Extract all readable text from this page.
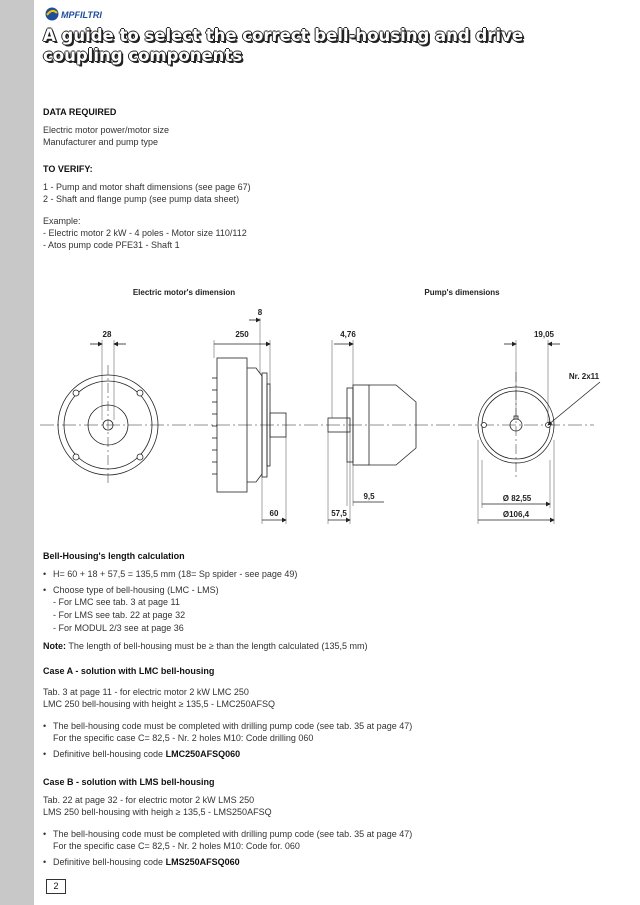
MPFILTRI
A guide to select the correct bell-housing and drive
coupling components

DATA REQUIRED

Electric motor power/motor size

Manufacturer and pump type

TO VERIFY:

1 - Pump and motor shaft dimensions (see page 67)

2 - Shaft and flange pump (see pump data sheet)

Example:

- Electric motor 2 kW - 4 poles - Motor size 110/112

- Atos pump code PFE31 - Shaft 1

Electric motor's dimension	Pump's dimensions
28	250
8
60
4,76
57,5
9,5
19,05
Nr. 2x11
Ø 82,55
Ø106,4

Bell-Housing's length calculation

• H= 60 + 18 + 57,5 = 135,5 mm (18= Sp spider - see page 49)
• Choose type of bell-housing (LMC - LMS)
- For LMC see tab. 3 at page 11
- For LMS see tab. 22 at page 32
- For MODUL 2/3 see at page 36
Note: The length of bell-housing must be ≥ than the length calculated (135,5 mm)

Case A - solution with LMC bell-housing

Tab. 3 at page 11 - for electric motor 2 kW LMC 250

LMC 250 bell-housing with height ≥ 135,5 - LMC250AFSQ

• The bell-housing code must be completed with drilling pump code (see tab. 35 at page 47)
For the specific case C= 82,5 - Nr. 2 holes M10: Code drilling 060
• Definitive bell-housing code LMC250AFSQ060

Case B - solution with LMS bell-housing

Tab. 22 at page 32 - for electric motor 2 kW LMS 250

LMS 250 bell-housing with heigh ≥ 135,5 - LMS250AFSQ

• The bell-housing code must be completed with drilling pump code (see tab. 35 at page 47)
For the specific case C= 82,5 - Nr. 2 holes M10: Code for. 060
• Definitive bell-housing code LMS250AFSQ060
2
